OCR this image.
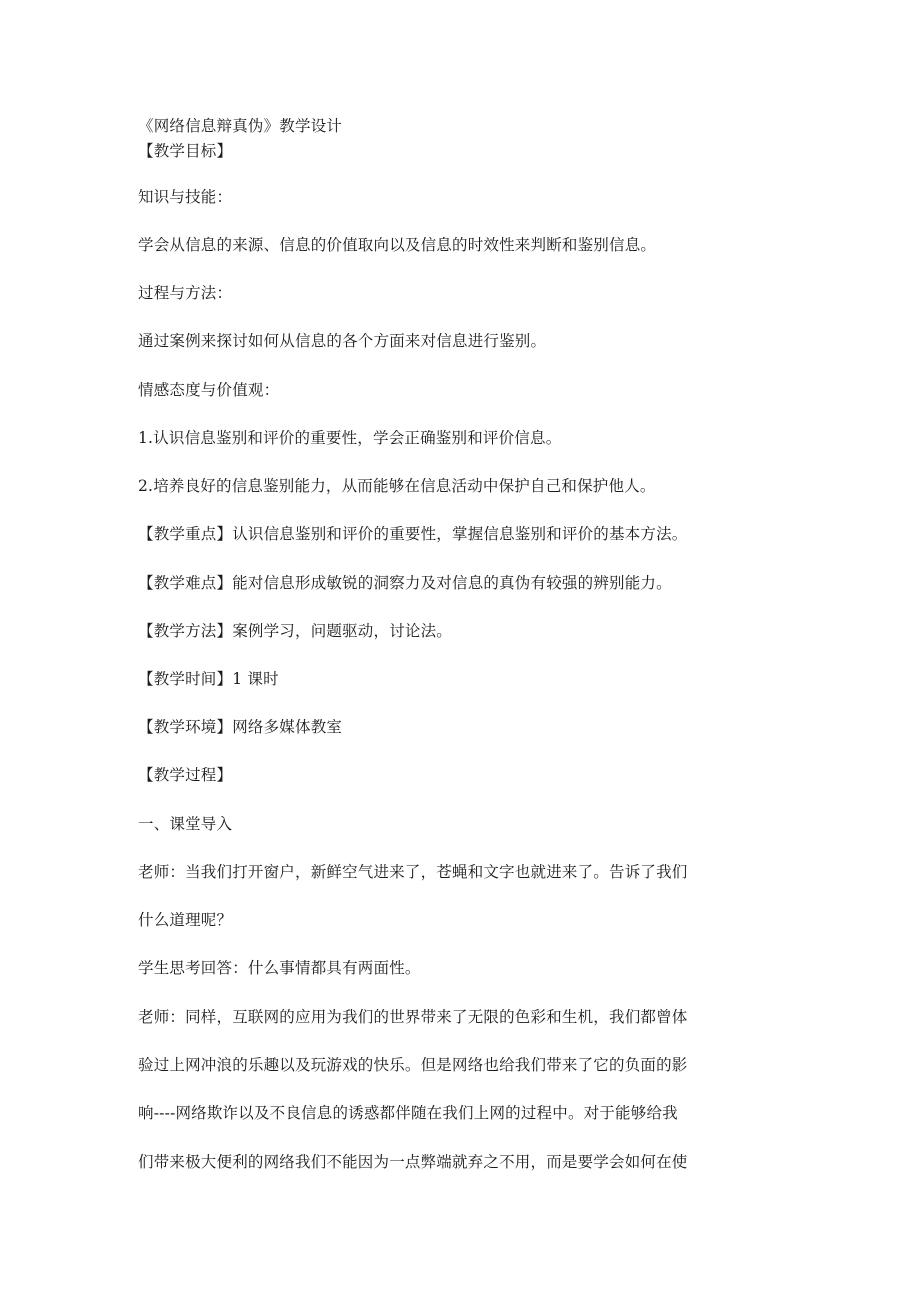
《网络信息辩真伪》教学设计
【教学目标】
知识与技能：
学会从信息的来源、信息的价值取向以及信息的时效性来判断和鉴别信息。
过程与方法：
通过案例来探讨如何从信息的各个方面来对信息进行鉴别。
情感态度与价值观：
1.认识信息鉴别和评价的重要性，学会正确鉴别和评价信息。
2.培养良好的信息鉴别能力，从而能够在信息活动中保护自己和保护他人。
【教学重点】认识信息鉴别和评价的重要性，掌握信息鉴别和评价的基本方法。
【教学难点】能对信息形成敏锐的洞察力及对信息的真伪有较强的辨别能力。
【教学方法】案例学习，问题驱动，讨论法。
【教学时间】1 课时
【教学环境】网络多媒体教室
【教学过程】
一、课堂导入
老师：当我们打开窗户，新鲜空气进来了，苍蝇和文字也就进来了。告诉了我们
什么道理呢？
学生思考回答：什么事情都具有两面性。
老师：同样，互联网的应用为我们的世界带来了无限的色彩和生机，我们都曾体
验过上网冲浪的乐趣以及玩游戏的快乐。但是网络也给我们带来了它的负面的影
响----网络欺诈以及不良信息的诱惑都伴随在我们上网的过程中。对于能够给我
们带来极大便利的网络我们不能因为一点弊端就弃之不用，而是要学会如何在使
